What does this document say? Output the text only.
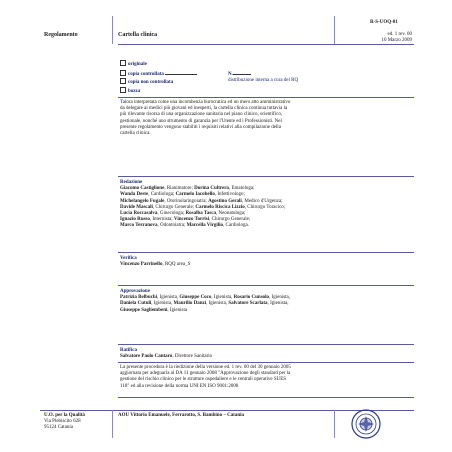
R-S-UOQ-01
Regolamento	Cartella clinica	ed. 1 rev. 00
10 Marzo 2009
originale
copia controllata	N.
copia non controllata	distribuzione interna a cura del RQ
bozza
Talora interpretata come una incombenza burocratica ed un mero atto amministrativo
da delegare ai medici più giovani ed inesperti, la cartella clinica continua tuttavia la
più rilevante risorsa di una organizzazione sanitaria nel piano clinico, scientifico,
gestionale, nonché uno strumento di garanzia per l'Utente ed i Professionisti. Nel
presente regolamento vengono stabiliti i requisiti relativi alla compilazione della
cartella clinica.
Redazione
Giacomo Castiglione, Rianimatore; Dorina Cultrera, Ematologa;
Wanda Deste, Cardiologa; Carmelo Iacobello, Infettivologo;
Michelangelo Fugale, Otorinolaringoiatra; Agostino Gerali, Medico d'Urgenza;
Davide Mascali, Chirurgo Generale; Carmelo Riscica Lizzio, Chirurgo Toracico;
Lucia Roccasalva, Ginecologa; Rosalba Tasca, Neonatologa;
Ignazio Russo, Internista; Vincenzo Torrisi, Chirurgo Generale;
Marco Terranova, Odontoiatra; Marcella Virgilio, Cardiologa.
Verifica
Vincenzo Parrinello, RQQ area_S
Approvazione
Patrizia Belbuchi, Igienista, Giuseppe Coco, Igienista, Rosario Cunsolo, Igienista,
Daniela Cutuli, Igienista, Maurilio Danzi, Igienista, Salvatore Scarlata, Igienista,
Giuseppe Sagliembeni, Igienista
Ratifica
Salvatore Paolo Cantaro, Direttore Sanitario
La presente procedura è la riedizione della versione ed. 1 rev. 00 del 30 gennaio 2005
aggiornata per adeguarla al DA 11 gennaio 2008 "Approvazione degli standard per la
gestione del rischio clinico per le strutture ospedaliere e le centrali operative SUES
118" ed alla revisione della norma UNI EN ISO 9001:2008
U.O. per la Qualità
Via Plebiscito 628
95124 Catania
AOU Vittorio Emanuele, Ferrarotto, S. Bambino – Catania
